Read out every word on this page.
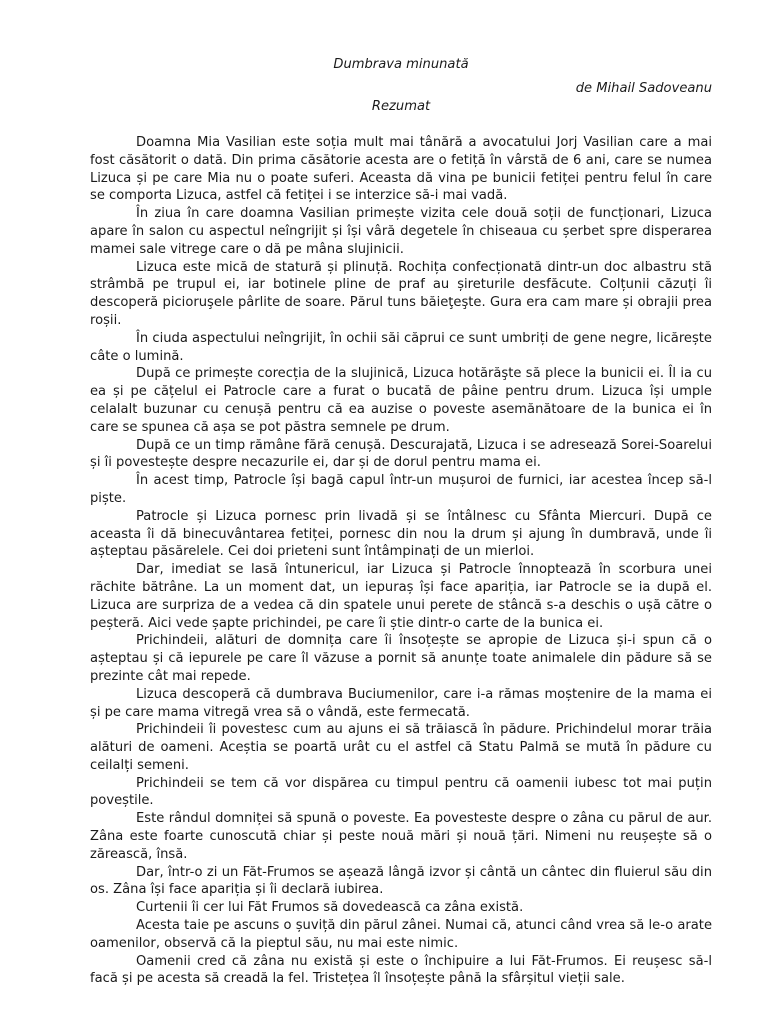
Dumbrava minunată

de Mihail Sadoveanu

Rezumat

Doamna Mia Vasilian este soția mult mai tânără a avocatului Jorj Vasilian care a mai fost căsătorit o dată. Din prima căsătorie acesta are o fetiță în vârstă de 6 ani, care se numea Lizuca și pe care Mia nu o poate suferi. Aceasta dă vina pe bunicii fetiței pentru felul în care se comporta Lizuca, astfel că fetiței i se interzice să-i mai vadă.

În ziua în care doamna Vasilian primește vizita cele două soții de funcționari, Lizuca apare în salon cu aspectul neîngrijit și își vâră degetele în chiseaua cu șerbet spre disperarea mamei sale vitrege care o dă pe mâna slujinicii.

Lizuca este mică de statură și plinuță. Rochița confecționată dintr-un doc albastru stă strâmbă pe trupul ei, iar botinele pline de praf au șireturile desfăcute. Colțunii căzuți îi descoperă picioruşele pârlite de soare. Părul tuns băieţeşte. Gura era cam mare și obrajii prea roșii.

În ciuda aspectului neîngrijit, în ochii săi căprui ce sunt umbriți de gene negre, licărește câte o lumină.

După ce primește corecția de la slujinică, Lizuca hotărăşte să plece la bunicii ei. Îl ia cu ea și pe cățelul ei Patrocle care a furat o bucată de pâine pentru drum. Lizuca își umple celalalt buzunar cu cenușă pentru că ea auzise o poveste asemănătoare de la bunica ei în care se spunea că așa se pot păstra semnele pe drum.

După ce un timp rămâne fără cenușă. Descurajată, Lizuca i se adresează Sorei-Soarelui și îi povestește despre necazurile ei, dar și de dorul pentru mama ei.

În acest timp, Patrocle își bagă capul într-un mușuroi de furnici, iar acestea încep să-l piște.

Patrocle și Lizuca pornesc prin livadă și se întâlnesc cu Sfânta Miercuri. După ce aceasta îi dă binecuvântarea fetiței, pornesc din nou la drum și ajung în dumbravă, unde îi așteptau păsărelele. Cei doi prieteni sunt întâmpinați de un mierloi.

Dar, imediat se lasă întunericul, iar Lizuca și Patrocle înnoptează în scorbura unei răchite bătrâne. La un moment dat, un iepuraș își face apariția, iar Patrocle se ia după el. Lizuca are surpriza de a vedea că din spatele unui perete de stâncă s-a deschis o ușă către o peșteră. Aici vede șapte prichindei, pe care îi știe dintr-o carte de la bunica ei.

Prichindeii, alături de domnița care îi însoțește se apropie de Lizuca și-i spun că o așteptau și că iepurele pe care îl văzuse a pornit să anunțe toate animalele din pădure să se prezinte cât mai repede.

Lizuca descoperă că dumbrava Buciumenilor, care i-a rămas moștenire de la mama ei și pe care mama vitregă vrea să o vândă, este fermecată.

Prichindeii îi povestesc cum au ajuns ei să trăiască în pădure. Prichindelul morar trăia alături de oameni. Aceștia se poartă urât cu el astfel că Statu Palmă se mută în pădure cu ceilalți semeni.

Prichindeii se tem că vor dispărea cu timpul pentru că oamenii iubesc tot mai puțin poveștile.

Este rândul domniței să spună o poveste. Ea povesteste despre o zâna cu părul de aur. Zâna este foarte cunoscută chiar și peste nouă mări și nouă țări. Nimeni nu reușește să o zărească, însă.

Dar, într-o zi un Făt-Frumos se așează lângă izvor și cântă un cântec din fluierul său din os. Zâna își face apariția și îi declară iubirea.

Curtenii îi cer lui Făt Frumos să dovedească ca zâna există.

Acesta taie pe ascuns o șuviță din părul zânei. Numai că, atunci când vrea să le-o arate oamenilor, observă că la pieptul său, nu mai este nimic.

Oamenii cred că zâna nu există și este o închipuire a lui Făt-Frumos. Ei reușesc să-l facă și pe acesta să creadă la fel. Tristețea îl însoțește până la sfârșitul vieții sale.
